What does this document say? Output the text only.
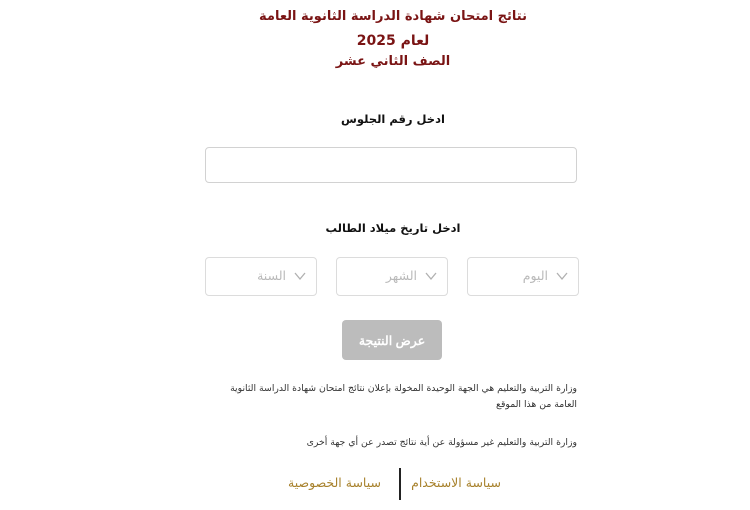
نتائج امتحان شهادة الدراسة الثانوية العامة
لعام 2025
الصف الثاني عشر
ادخل رقم الجلوس
ادخل تاريخ ميلاد الطالب
اليوم
الشهر
السنة
عرض النتيجة
وزارة التربية والتعليم هي الجهة الوحيدة المخولة بإعلان نتائج امتحان شهادة الدراسة الثانوية العامة من هذا الموقع
وزارة التربية والتعليم غير مسؤولة عن أية نتائج تصدر عن أي جهة أخرى
سياسة الاستخدام
سياسة الخصوصية
